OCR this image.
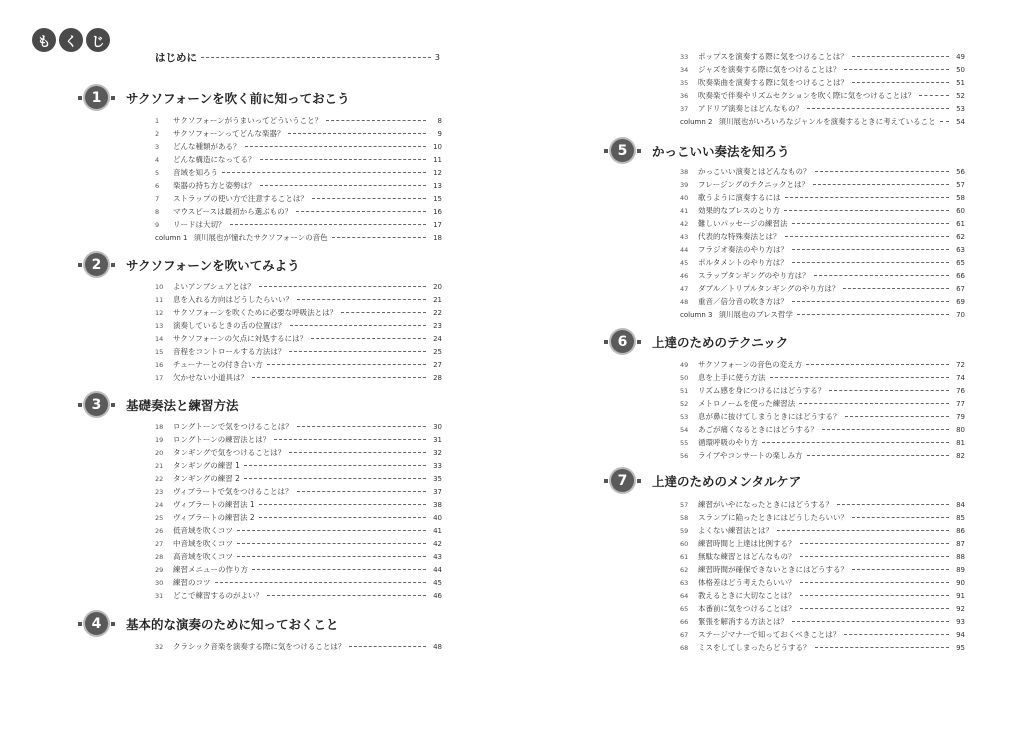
も	く	じ
はじめに	3
1	サクソフォーンを吹く前に知っておこう
1	サクソフォーンがうまいってどういうこと？	8
2	サクソフォーンってどんな楽器？	9
3	どんな種類がある？	10
4	どんな構造になってる？	11
5	音域を知ろう	12
6	楽器の持ち方と姿勢は？	13
7	ストラップの使い方で注意することは？	15
8	マウスピースは最初から選ぶもの？	16
9	リードは大切？	17
column 1 須川展也が憧れたサクソフォーンの音色	18
2	サクソフォーンを吹いてみよう
10	よいアンブシュアとは？	20
11	息を入れる方向はどうしたらいい？	21
12	サクソフォーンを吹くために必要な呼吸法とは？	22
13	演奏しているときの舌の位置は？	23
14	サクソフォーンの欠点に対処するには？	24
15	音程をコントロールする方法は？	25
16	チューナーとの付き合い方	27
17	欠かせない小道具は？	28
3	基礎奏法と練習方法
18	ロングトーンで気をつけることは？	30
19	ロングトーンの練習法とは？	31
20	タンギングで気をつけることは？	32
21	タンギングの練習 1	33
22	タンギングの練習 2	35
23	ヴィブラートで気をつけることは？	37
24	ヴィブラートの練習法 1	38
25	ヴィブラートの練習法 2	40
26	低音域を吹くコツ	41
27	中音域を吹くコツ	42
28	高音域を吹くコツ	43
29	練習メニューの作り方	44
30	練習のコツ	45
31	どこで練習するのがよい？	46
4	基本的な演奏のために知っておくこと
32	クラシック音楽を演奏する際に気をつけることは？	48
33	ポップスを演奏する際に気をつけることは？	49
34	ジャズを演奏する際に気をつけることは？	50
35	吹奏楽曲を演奏する際に気をつけることは？	51
36	吹奏楽で伴奏やリズムセクションを吹く際に気をつけることは？	52
37	アドリブ演奏とはどんなもの？	53
column 2 須川展也がいろいろなジャンルを演奏するときに考えていること	54
5	かっこいい奏法を知ろう
38	かっこいい演奏とはどんなもの？	56
39	フレージングのテクニックとは？	57
40	歌うように演奏するには	58
41	効果的なブレスのとり方	60
42	難しいパッセージの練習法	61
43	代表的な特殊奏法とは？	62
44	フラジオ奏法のやり方は？	63
45	ポルタメントのやり方は？	65
46	スラップタンギングのやり方は？	66
47	ダブル／トリプルタンギングのやり方は？	67
48	重音／倍分音の吹き方は？	69
column 3 須川展也のブレス哲学	70
6	上達のためのテクニック
49	サクソフォーンの音色の変え方	72
50	息を上手に使う方法	74
51	リズム感を身につけるにはどうする？	76
52	メトロノームを使った練習法	77
53	息が鼻に抜けてしまうときにはどうする？	79
54	あごが痛くなるときにはどうする？	80
55	循環呼吸のやり方	81
56	ライブやコンサートの楽しみ方	82
7	上達のためのメンタルケア
57	練習がいやになったときにはどうする？	84
58	スランプに陥ったときにはどうしたらいい？	85
59	よくない練習法とは？	86
60	練習時間と上達は比例する？	87
61	無駄な練習とはどんなもの？	88
62	練習時間が確保できないときにはどうする？	89
63	体格差はどう考えたらいい？	90
64	教えるときに大切なことは？	91
65	本番前に気をつけることは？	92
66	緊張を解消する方法とは？	93
67	ステージマナーで知っておくべきことは？	94
68	ミスをしてしまったらどうする？	95
